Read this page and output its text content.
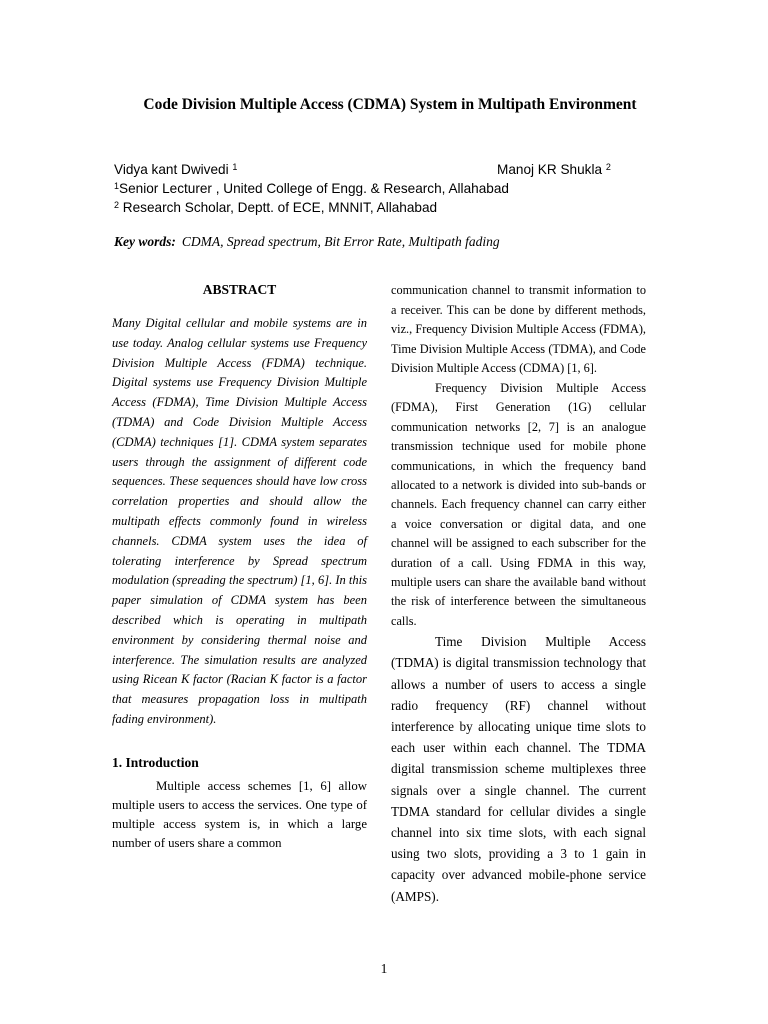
Code Division Multiple Access (CDMA) System in Multipath Environment
Vidya kant Dwivedi $^1$	Manoj KR Shukla $^2$
$^1$Senior Lecturer , United College of Engg. & Research, Allahabad
$^2$ Research Scholar, Deptt. of ECE, MNNIT, Allahabad
Key words: CDMA, Spread spectrum, Bit Error Rate, Multipath fading
ABSTRACT

Many Digital cellular and mobile systems are in use today. Analog cellular systems use Frequency Division Multiple Access (FDMA) technique. Digital systems use Frequency Division Multiple Access (FDMA), Time Division Multiple Access (TDMA) and Code Division Multiple Access (CDMA) techniques [1]. CDMA system separates users through the assignment of different code sequences. These sequences should have low cross correlation properties and should allow the multipath effects commonly found in wireless channels. CDMA system uses the idea of tolerating interference by Spread spectrum modulation (spreading the spectrum) [1, 6]. In this paper simulation of CDMA system has been described which is operating in multipath environment by considering thermal noise and interference. The simulation results are analyzed using Ricean K factor (Racian K factor is a factor that measures propagation loss in multipath fading environment).

1. Introduction

Multiple access schemes [1, 6] allow multiple users to access the services. One type of multiple access system is, in which a large number of users share a common

communication channel to transmit information to a receiver. This can be done by different methods, viz., Frequency Division Multiple Access (FDMA), Time Division Multiple Access (TDMA), and Code Division Multiple Access (CDMA) [1, 6].

Frequency Division Multiple Access (FDMA), First Generation (1G) cellular communication networks [2, 7] is an analogue transmission technique used for mobile phone communications, in which the frequency band allocated to a network is divided into sub-bands or channels. Each frequency channel can carry either a voice conversation or digital data, and one channel will be assigned to each subscriber for the duration of a call. Using FDMA in this way, multiple users can share the available band without the risk of interference between the simultaneous calls.

Time Division Multiple Access (TDMA) is digital transmission technology that allows a number of users to access a single radio frequency (RF) channel without interference by allocating unique time slots to each user within each channel. The TDMA digital transmission scheme multiplexes three signals over a single channel. The current TDMA standard for cellular divides a single channel into six time slots, with each signal using two slots, providing a 3 to 1 gain in capacity over advanced mobile-phone service (AMPS).

1
